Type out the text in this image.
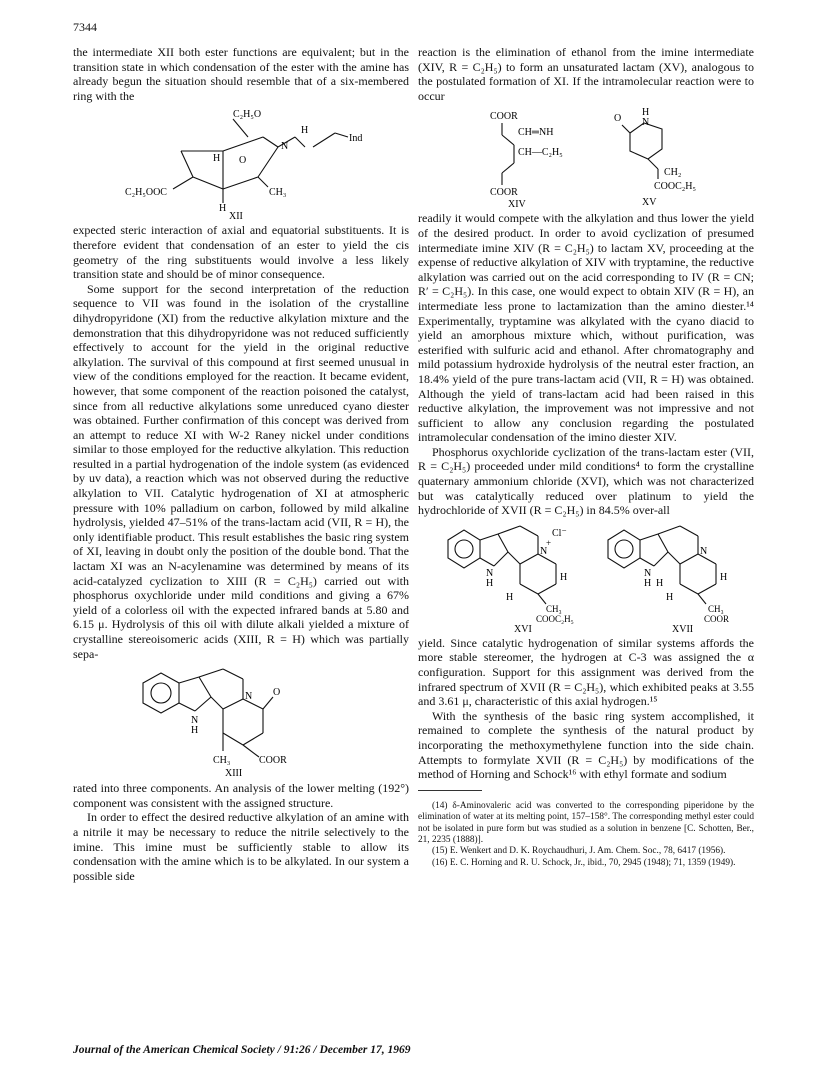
7344

the intermediate XII both ester functions are equivalent; but in the transition state in which condensation of the ester with the amine has already begun the situation should resemble that of a six-membered ring with the

C₂H₅O
H
H O
N
Ind
C₂H₅OOC	CH₃
H
XII

expected steric interaction of axial and equatorial substituents. It is therefore evident that condensation of an ester to yield the cis geometry of the ring substituents would involve a less likely transition state and should be of minor consequence.

Some support for the second interpretation of the reduction sequence to VII was found in the isolation of the crystalline dihydropyridone (XI) from the reductive alkylation mixture and the demonstration that this dihydropyridone was not reduced sufficiently effectively to account for the yield in the original reductive alkylation. The survival of this compound at first seemed unusual in view of the conditions employed for the reaction. It became evident, however, that some component of the reaction poisoned the catalyst, since from all reductive alkylations some unreduced cyano diester was obtained. Further confirmation of this concept was derived from an attempt to reduce XI with W-2 Raney nickel under conditions similar to those employed for the reductive alkylation. This reduction resulted in a partial hydrogenation of the indole system (as evidenced by uv data), a reaction which was not observed during the reductive alkylation to VII. Catalytic hydrogenation of XI at atmospheric pressure with 10% palladium on carbon, followed by mild alkaline hydrolysis, yielded 47–51% of the trans-lactam acid (VII, R = H), the only identifiable product. This result establishes the basic ring system of XI, leaving in doubt only the position of the double bond. That the lactam XI was an N-acylenamine was determined by means of its acid-catalyzed cyclization to XIII (R = C₂H₅) carried out with phosphorus oxychloride under mild conditions and giving a 67% yield of a colorless oil with the expected infrared bands at 5.80 and 6.15 μ. Hydrolysis of this oil with dilute alkali yielded a mixture of crystalline stereoisomeric acids (XIII, R = H) which was partially sepa-

N
H
N O
CH₃	COOR
XIII

rated into three components. An analysis of the lower melting (192°) component was consistent with the assigned structure.

In order to effect the desired reductive alkylation of an amine with a nitrile it may be necessary to reduce the nitrile selectively to the imine. This imine must be sufficiently stable to allow its condensation with the amine which is to be alkylated. In our system a possible side

reaction is the elimination of ethanol from the imine intermediate (XIV, R = C₂H₅) to form an unsaturated lactam (XV), analogous to the postulated formation of XI. If the intramolecular reaction were to occur

COOR
CH═NH
CH—C₂H₅
COOR
XIV
O
H
N
CH₂
COOC₂H₅
XV

readily it would compete with the alkylation and thus lower the yield of the desired product. In order to avoid cyclization of presumed intermediate imine XIV (R = C₂H₅) to lactam XV, proceeding at the expense of reductive alkylation of XIV with tryptamine, the reductive alkylation was carried out on the acid corresponding to IV (R = CN; R′ = C₂H₅). In this case, one would expect to obtain XIV (R = H), an intermediate less prone to lactamization than the amino diester.¹⁴ Experimentally, tryptamine was alkylated with the cyano diacid to yield an amorphous mixture which, without purification, was esterified with sulfuric acid and ethanol. After chromatography and mild potassium hydroxide hydrolysis of the neutral ester fraction, an 18.4% yield of the pure trans-lactam acid (VII, R = H) was obtained. Although the yield of trans-lactam acid had been raised in this reductive alkylation, the improvement was not impressive and not sufficient to allow any conclusion regarding the postulated intramolecular condensation of the imino diester XIV.

Phosphorus oxychloride cyclization of the trans-lactam ester (VII, R = C₂H₅) proceeded under mild conditions⁴ to form the crystalline quaternary ammonium chloride (XVI), which was not characterized but was catalytically reduced over platinum to yield the hydrochloride of XVII (R = C₂H₅) in 84.5% over-all

N
H
N
+
Cl⁻
H
H
CH₃
COOC₂H₅
XVI
N
H H
N
H
H
CH₃
COOR
XVII

yield. Since catalytic hydrogenation of similar systems affords the more stable stereomer, the hydrogen at C-3 was assigned the α configuration. Support for this assignment was derived from the infrared spectrum of XVII (R = C₂H₅), which exhibited peaks at 3.55 and 3.61 μ, characteristic of this axial hydrogen.¹⁵

With the synthesis of the basic ring system accomplished, it remained to complete the synthesis of the natural product by incorporating the methoxymethylene function into the side chain. Attempts to formylate XVII (R = C₂H₅) by modifications of the method of Horning and Schock¹⁶ with ethyl formate and sodium

(14) δ-Aminovaleric acid was converted to the corresponding piperidone by the elimination of water at its melting point, 157–158°. The corresponding methyl ester could not be isolated in pure form but was studied as a solution in benzene [C. Schotten, Ber., 21, 2235 (1888)].

(15) E. Wenkert and D. K. Roychaudhuri, J. Am. Chem. Soc., 78, 6417 (1956).

(16) E. C. Horning and R. U. Schock, Jr., ibid., 70, 2945 (1948); 71, 1359 (1949).

Journal of the American Chemical Society / 91:26 / December 17, 1969
